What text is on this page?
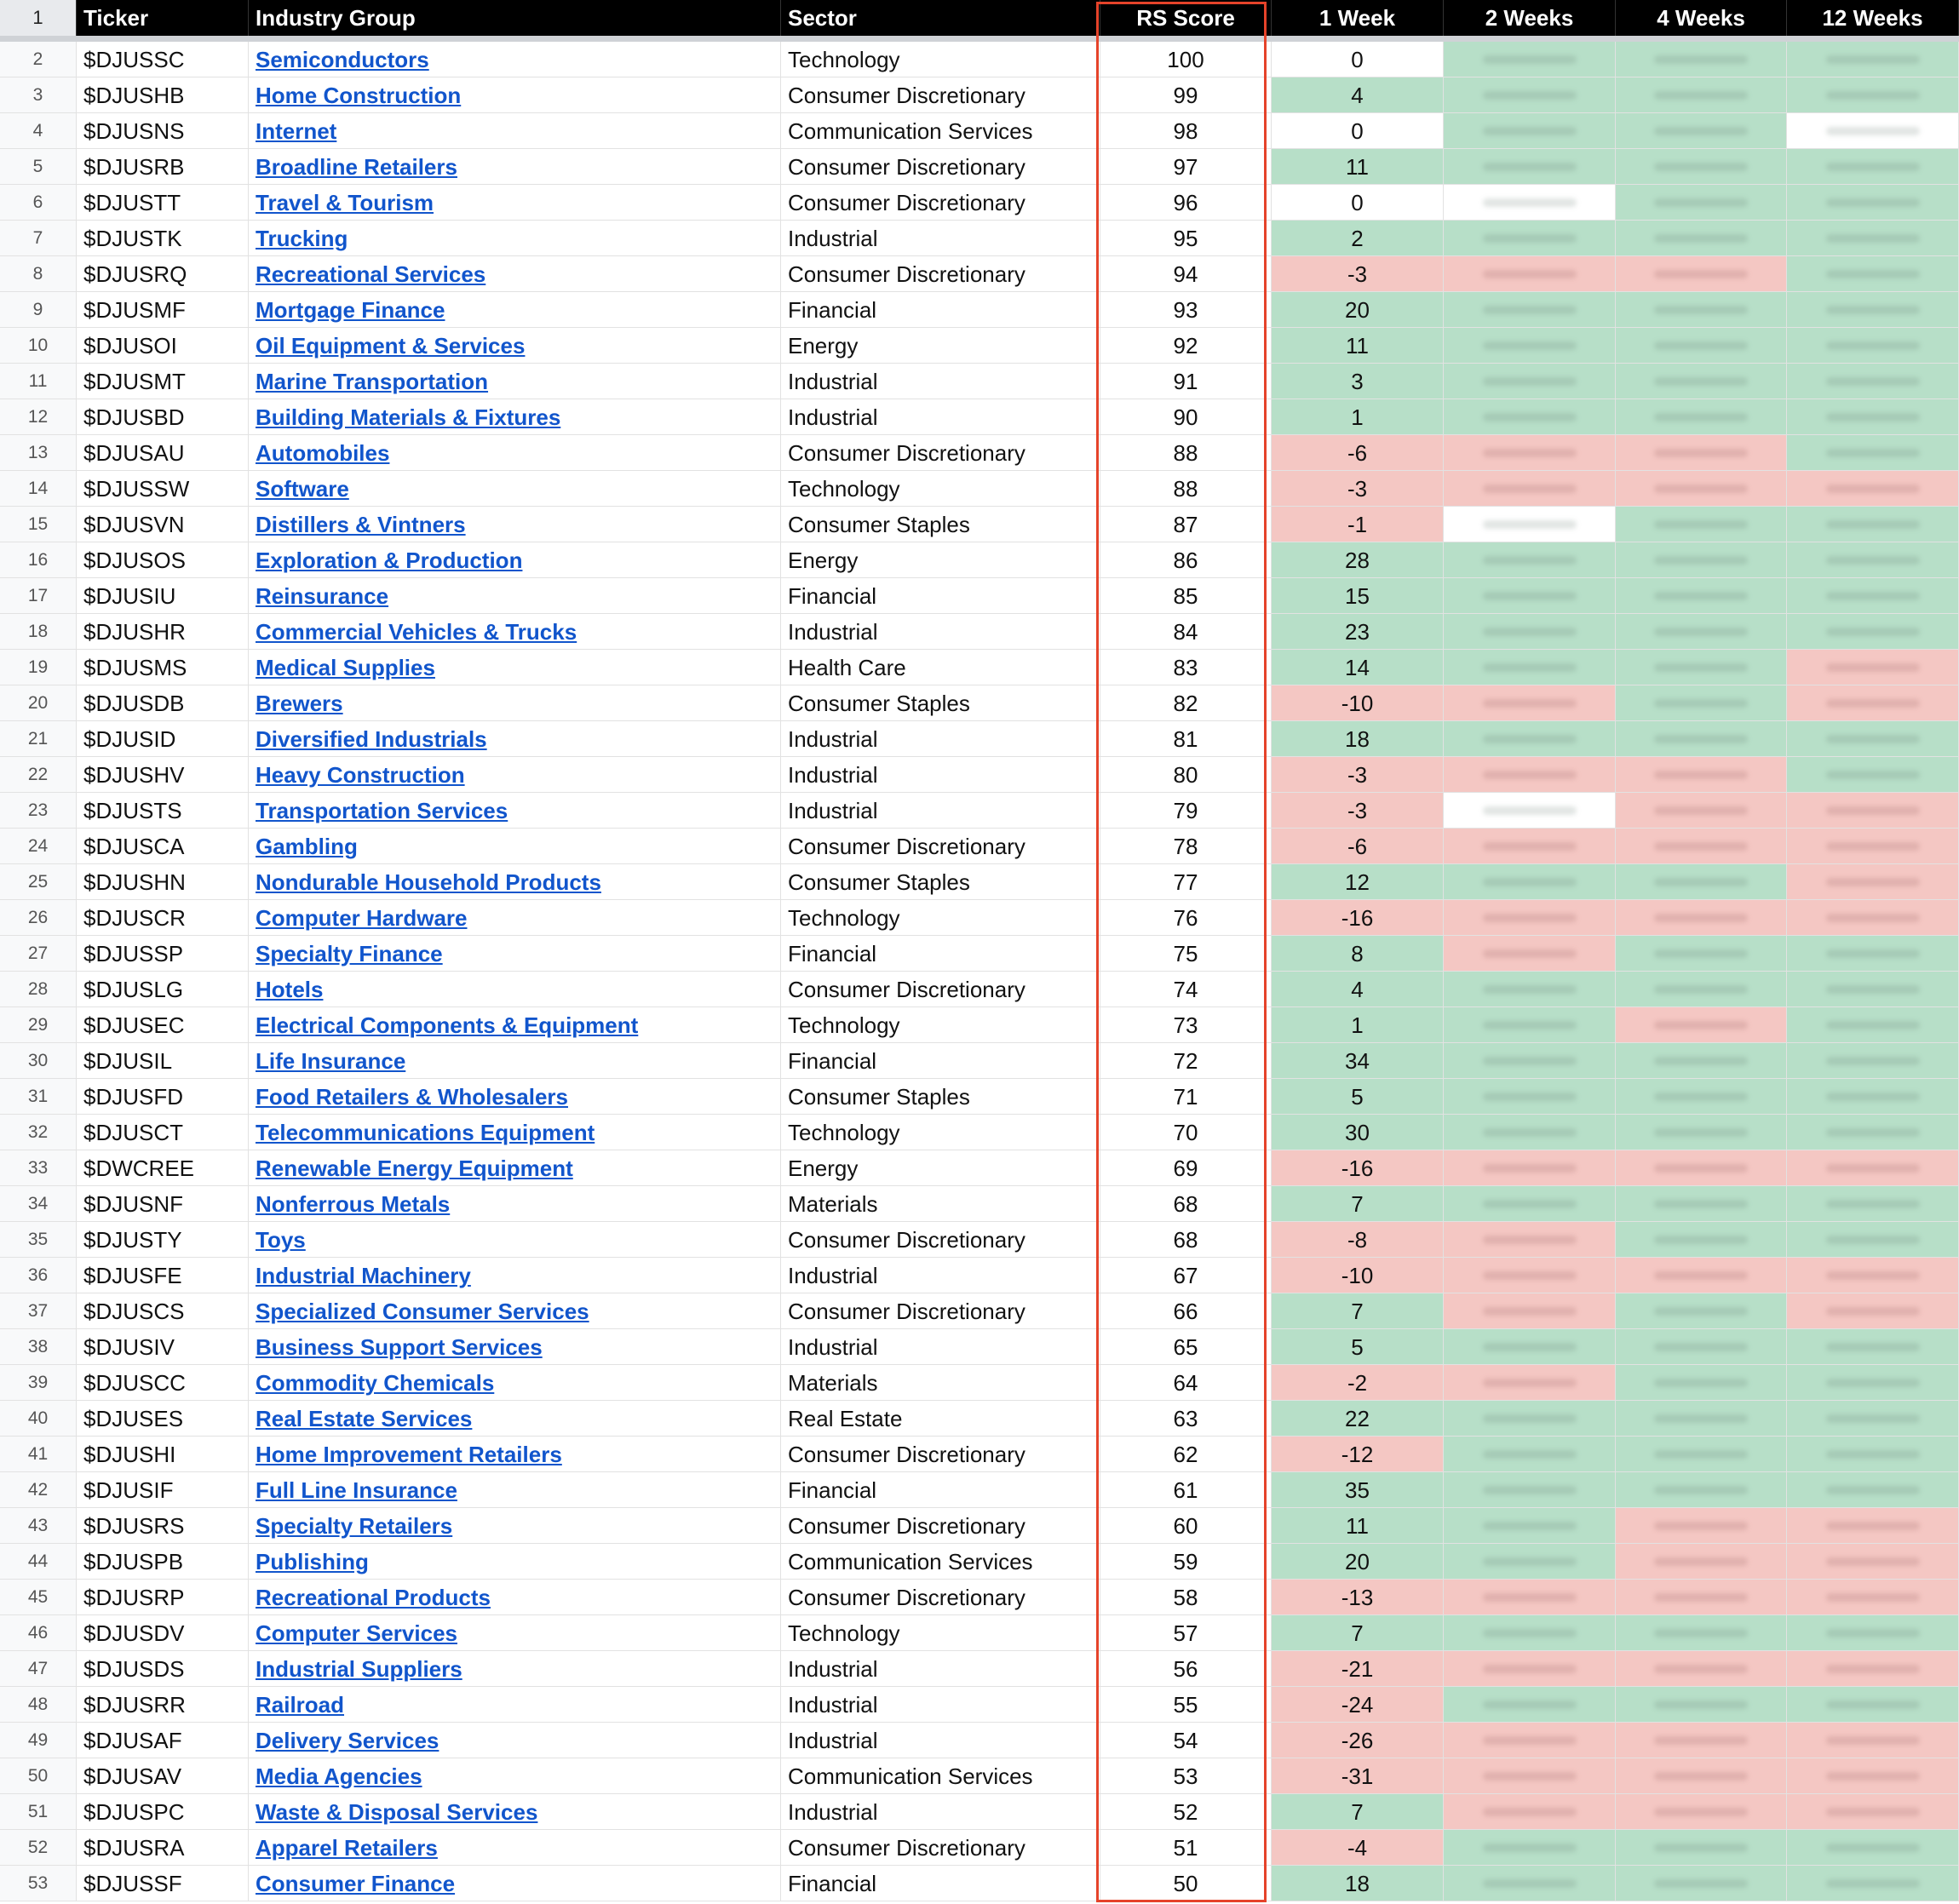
1	Ticker	Industry Group	Sector	RS Score	1 Week	2 Weeks	4 Weeks	12 Weeks
2	$DJUSSC	Semiconductors	Technology	100	0
3	$DJUSHB	Home Construction	Consumer Discretionary	99	4
4	$DJUSNS	Internet	Communication Services	98	0
5	$DJUSRB	Broadline Retailers	Consumer Discretionary	97	11
6	$DJUSTT	Travel & Tourism	Consumer Discretionary	96	0
7	$DJUSTK	Trucking	Industrial	95	2
8	$DJUSRQ	Recreational Services	Consumer Discretionary	94	-3
9	$DJUSMF	Mortgage Finance	Financial	93	20
10	$DJUSOI	Oil Equipment & Services	Energy	92	11
11	$DJUSMT	Marine Transportation	Industrial	91	3
12	$DJUSBD	Building Materials & Fixtures	Industrial	90	1
13	$DJUSAU	Automobiles	Consumer Discretionary	88	-6
14	$DJUSSW	Software	Technology	88	-3
15	$DJUSVN	Distillers & Vintners	Consumer Staples	87	-1
16	$DJUSOS	Exploration & Production	Energy	86	28
17	$DJUSIU	Reinsurance	Financial	85	15
18	$DJUSHR	Commercial Vehicles & Trucks	Industrial	84	23
19	$DJUSMS	Medical Supplies	Health Care	83	14
20	$DJUSDB	Brewers	Consumer Staples	82	-10
21	$DJUSID	Diversified Industrials	Industrial	81	18
22	$DJUSHV	Heavy Construction	Industrial	80	-3
23	$DJUSTS	Transportation Services	Industrial	79	-3
24	$DJUSCA	Gambling	Consumer Discretionary	78	-6
25	$DJUSHN	Nondurable Household Products	Consumer Staples	77	12
26	$DJUSCR	Computer Hardware	Technology	76	-16
27	$DJUSSP	Specialty Finance	Financial	75	8
28	$DJUSLG	Hotels	Consumer Discretionary	74	4
29	$DJUSEC	Electrical Components & Equipment	Technology	73	1
30	$DJUSIL	Life Insurance	Financial	72	34
31	$DJUSFD	Food Retailers & Wholesalers	Consumer Staples	71	5
32	$DJUSCT	Telecommunications Equipment	Technology	70	30
33	$DWCREE	Renewable Energy Equipment	Energy	69	-16
34	$DJUSNF	Nonferrous Metals	Materials	68	7
35	$DJUSTY	Toys	Consumer Discretionary	68	-8
36	$DJUSFE	Industrial Machinery	Industrial	67	-10
37	$DJUSCS	Specialized Consumer Services	Consumer Discretionary	66	7
38	$DJUSIV	Business Support Services	Industrial	65	5
39	$DJUSCC	Commodity Chemicals	Materials	64	-2
40	$DJUSES	Real Estate Services	Real Estate	63	22
41	$DJUSHI	Home Improvement Retailers	Consumer Discretionary	62	-12
42	$DJUSIF	Full Line Insurance	Financial	61	35
43	$DJUSRS	Specialty Retailers	Consumer Discretionary	60	11
44	$DJUSPB	Publishing	Communication Services	59	20
45	$DJUSRP	Recreational Products	Consumer Discretionary	58	-13
46	$DJUSDV	Computer Services	Technology	57	7
47	$DJUSDS	Industrial Suppliers	Industrial	56	-21
48	$DJUSRR	Railroad	Industrial	55	-24
49	$DJUSAF	Delivery Services	Industrial	54	-26
50	$DJUSAV	Media Agencies	Communication Services	53	-31
51	$DJUSPC	Waste & Disposal Services	Industrial	52	7
52	$DJUSRA	Apparel Retailers	Consumer Discretionary	51	-4
53	$DJUSSF	Consumer Finance	Financial	50	18
